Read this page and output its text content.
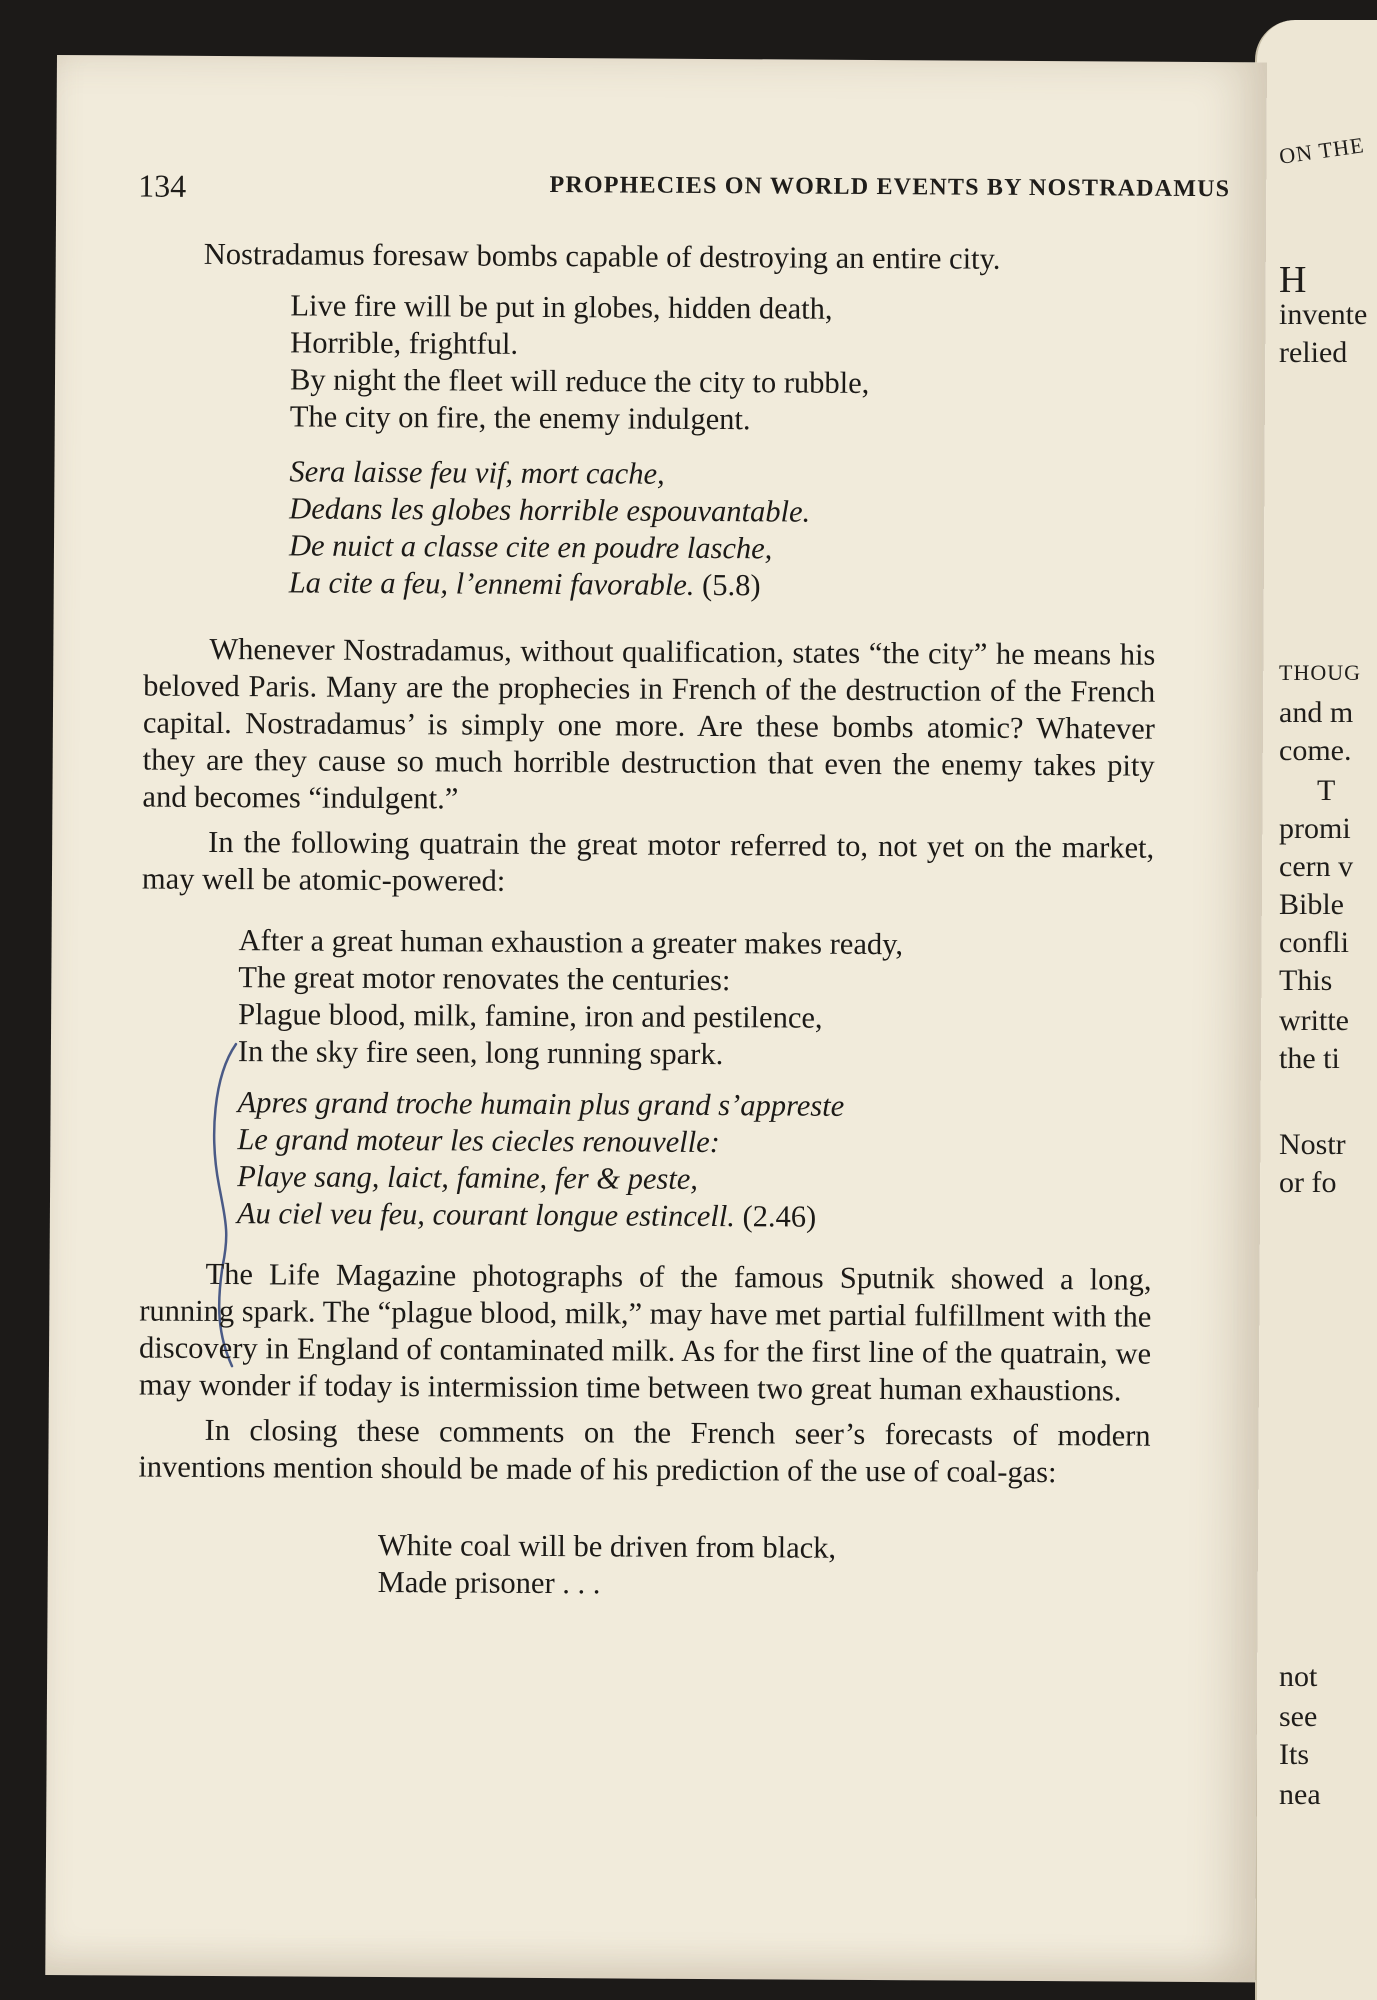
ON THE
H
invente
relied
THOUG
and m
come.
T
promi
cern v
Bible
confli
This
writte
the ti
Nostr
or fo
not
see
Its
nea
134	PROPHECIES ON WORLD EVENTS BY NOSTRADAMUS

Nostradamus foresaw bombs capable of destroying an entire city.

Live fire will be put in globes, hidden death,
Horrible, frightful.
By night the fleet will reduce the city to rubble,
The city on fire, the enemy indulgent.
Sera laisse feu vif, mort cache,
Dedans les globes horrible espouvantable.
De nuict a classe cite en poudre lasche,
La cite a feu, l’ennemi favorable. (5.8)

Whenever Nostradamus, without qualification, states “the city” he means his beloved Paris. Many are the prophecies in French of the destruction of the French capital. Nostradamus’ is simply one more. Are these bombs atomic? Whatever they are they cause so much horrible destruction that even the enemy takes pity and becomes “indulgent.”

In the following quatrain the great motor referred to, not yet on the market, may well be atomic-powered:

After a great human exhaustion a greater makes ready,
The great motor renovates the centuries:
Plague blood, milk, famine, iron and pestilence,
In the sky fire seen, long running spark.
Apres grand troche humain plus grand s’appreste
Le grand moteur les ciecles renouvelle:
Playe sang, laict, famine, fer & peste,
Au ciel veu feu, courant longue estincell. (2.46)

The Life Magazine photographs of the famous Sputnik showed a long, running spark. The “plague blood, milk,” may have met partial fulfillment with the discovery in England of contaminated milk. As for the first line of the quatrain, we may wonder if today is intermission time between two great human exhaustions.

In closing these comments on the French seer’s forecasts of modern inventions mention should be made of his prediction of the use of coal-gas:

White coal will be driven from black,
Made prisoner . . .
